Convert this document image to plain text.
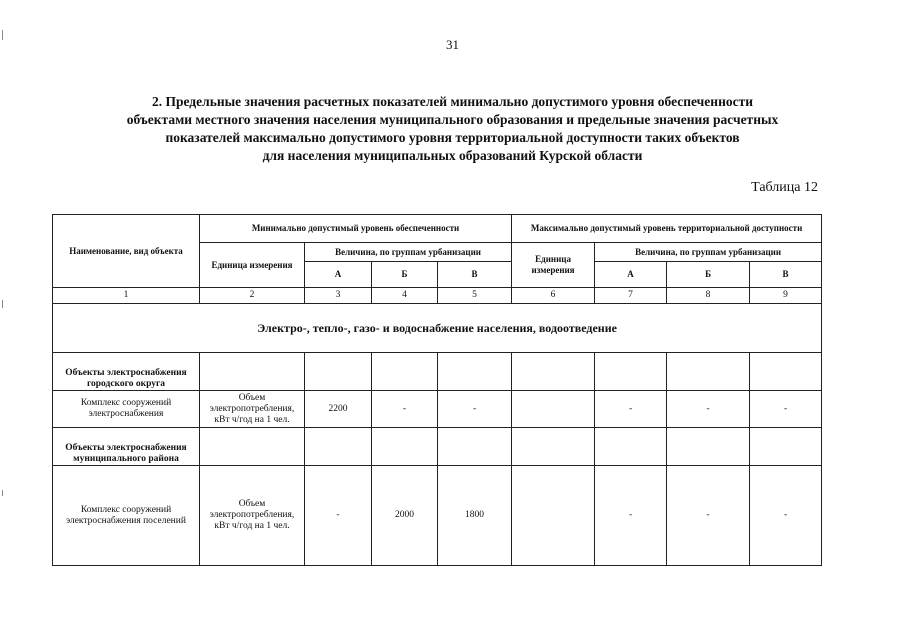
31
2. Предельные значения расчетных показателей минимально допустимого уровня обеспеченности
объектами местного значения населения муниципального образования и предельные значения расчетных
показателей максимально допустимого уровня территориальной доступности таких объектов
для населения муниципальных образований Курской области
Таблица 12
Наименование, вид объекта	Минимально допустимый уровень обеспеченности				Максимальнo допустимый уровень территориальной доступности			
	Единица измерения	Величина, по группам урбанизации			Единица измерения	Величина, по группам урбанизации		
		А	Б	В		А	Б	В
1	2	3	4	5	6	7	8	9
Электро-, тепло-, газо- и водоснабжение населения, водоотведение								
Объекты электроснабжения городского округа								
Комплекс сооружений электроснабжения	Объем электропотребления, кВт ч/год на 1 чел.	2200	-	-		-	-	-
Объекты электроснабжения муниципального района								
Комплекс сооружений электроснабжения поселений	Объем электропотребления, кВт ч/год на 1 чел.	-	2000	1800		-	-	-
